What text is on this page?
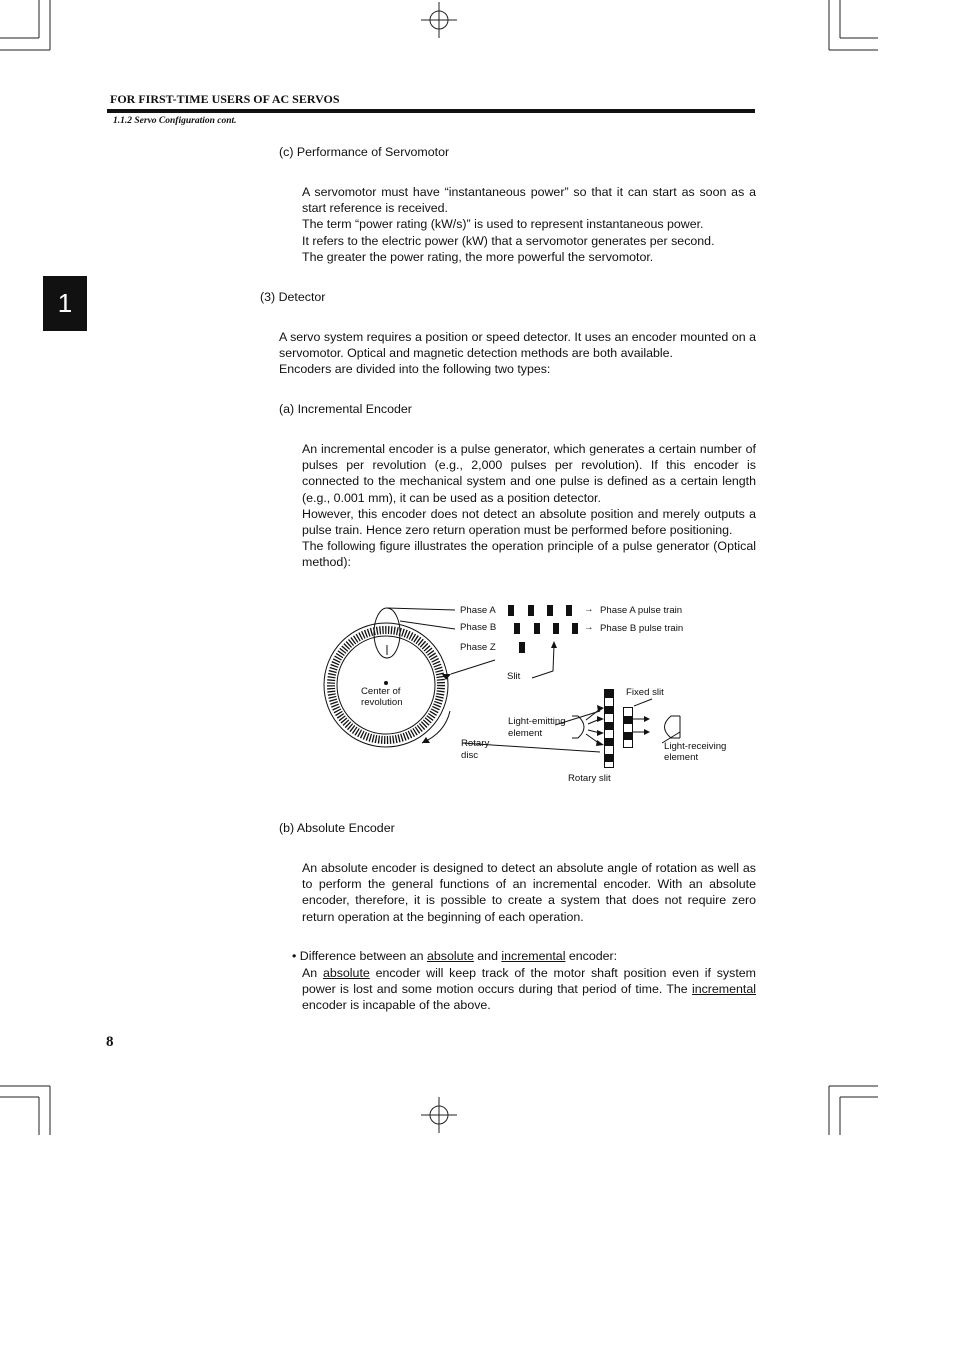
FOR FIRST-TIME USERS OF AC SERVOS
1.1.2 Servo Configuration cont.
1
(c) Performance of Servomotor

A servomotor must have “instantaneous power” so that it can start as soon as a start reference is received.

The term “power rating (kW/s)” is used to represent instantaneous power.

It refers to the electric power (kW) that a servomotor generates per second.

The greater the power rating, the more powerful the servomotor.

(3) Detector

A servo system requires a position or speed detector. It uses an encoder mounted on a servomotor. Optical and magnetic detection methods are both available.

Encoders are divided into the following two types:

(a) Incremental Encoder

An incremental encoder is a pulse generator, which generates a certain number of pulses per revolution (e.g., 2,000 pulses per revolution). If this encoder is connected to the mechanical system and one pulse is defined as a certain length (e.g., 0.001 mm), it can be used as a position detector.

However, this encoder does not detect an absolute position and merely outputs a pulse train. Hence zero return operation must be performed before positioning.

The following figure illustrates the operation principle of a pulse generator (Optical method):

Phase A
Phase B
Phase Z
→
→
Phase A pulse train
Phase B pulse train
Slit
Fixed slit
Center of
revolution
Light-emitting
element
Rotary
disc
Light-receiving
element
Rotary slit
(b) Absolute Encoder

An absolute encoder is designed to detect an absolute angle of rotation as well as to perform the general functions of an incremental encoder. With an absolute encoder, therefore, it is possible to create a system that does not require zero return operation at the beginning of each operation.

• Difference between an absolute and incremental encoder:
An absolute encoder will keep track of the motor shaft position even if system power is lost and some motion occurs during that period of time. The incremental encoder is incapable of the above.
8
